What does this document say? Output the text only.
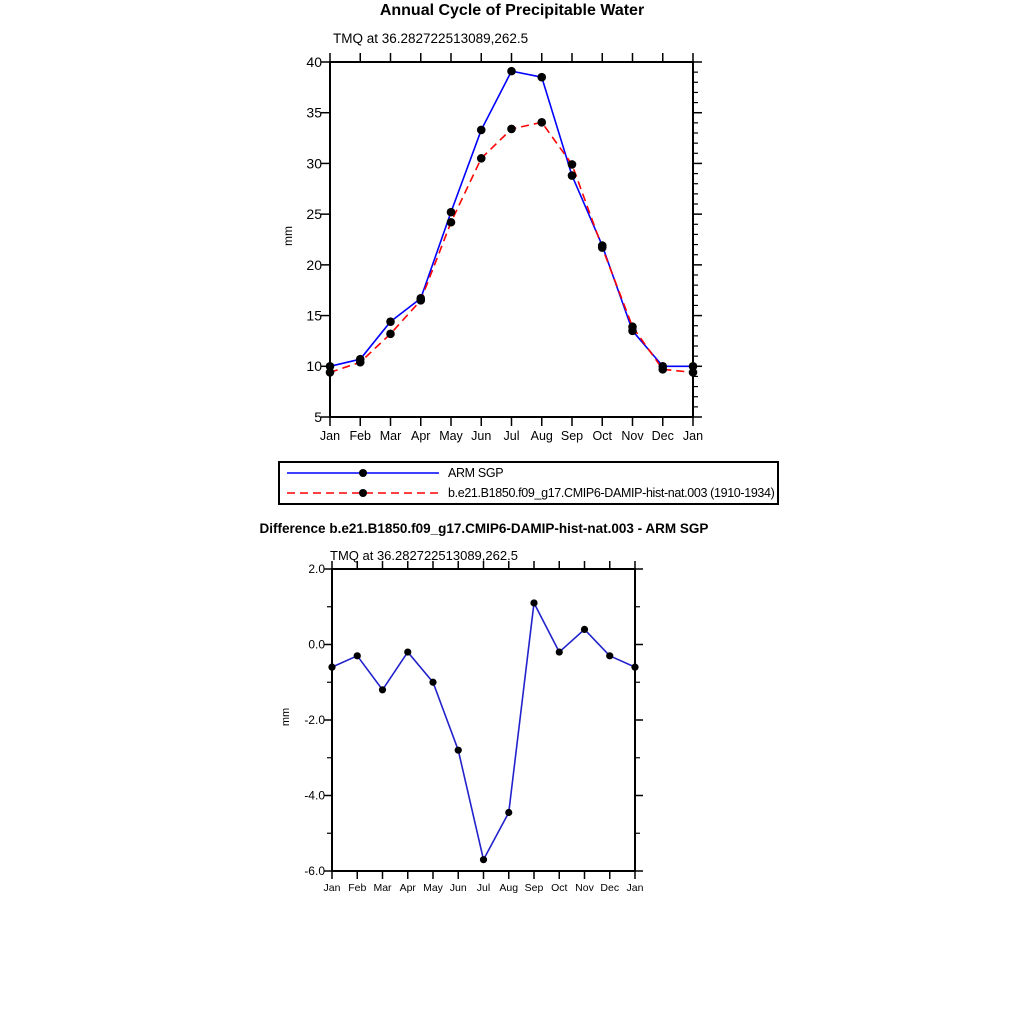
Jan Feb Mar Apr May Jun Jul Aug Sep Oct Nov Dec Jan
5
10
15
20
25
30
35
40
Jan Feb Mar Apr May Jun Jul Aug Sep Oct Nov Dec Jan
2.0
0.0
-2.0
-4.0
-6.0
Annual Cycle of Precipitable Water
TMQ at 36.282722513089,262.5
mm
ARM SGP
b.e21.B1850.f09_g17.CMIP6-DAMIP-hist-nat.003 (1910-1934)
Difference b.e21.B1850.f09_g17.CMIP6-DAMIP-hist-nat.003 - ARM SGP
TMQ at 36.282722513089,262.5
mm
